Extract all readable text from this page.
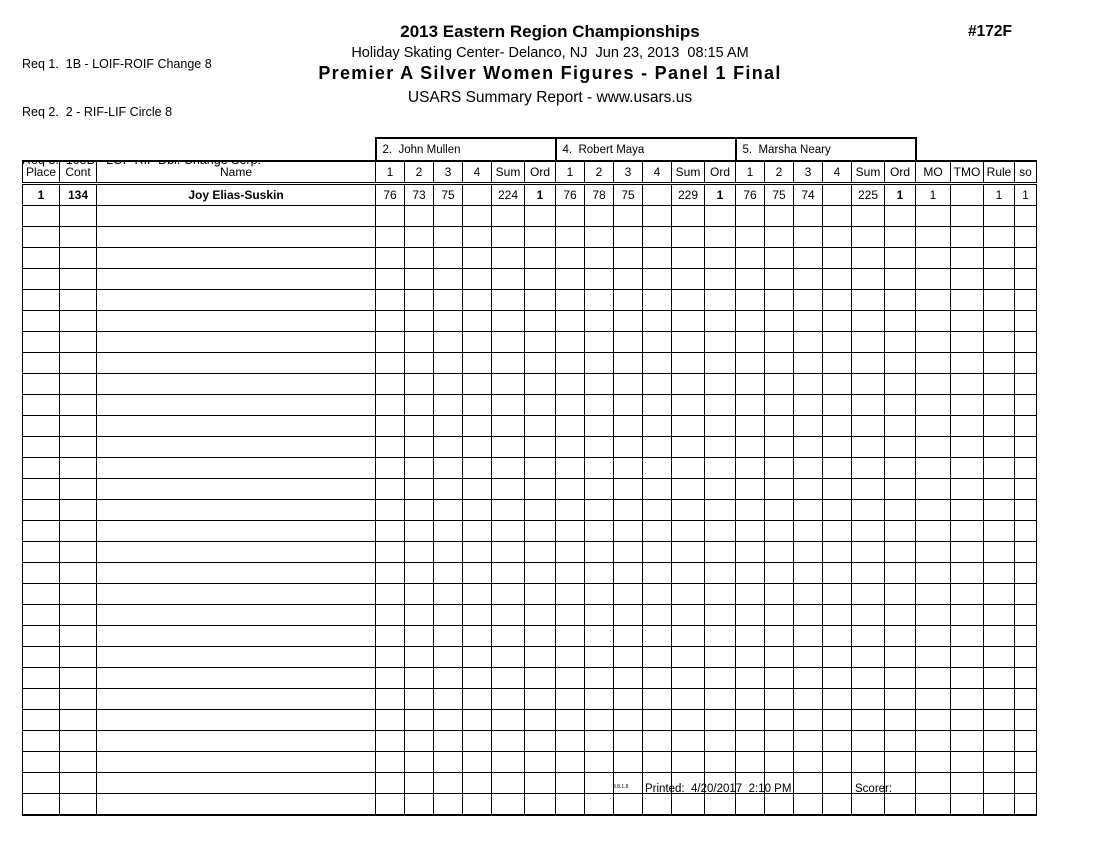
Req 1.  1B - LOIF-ROIF Change 8

Req 2.  2 - RIF-LIF Circle 8

2013 Eastern Region Championships
Holiday Skating Center- Delanco, NJ  Jun 23, 2013  08:15 AM
Premier A Silver Women Figures - Panel 1 Final
USARS Summary Report - www.usars.us
#172F
			2.  John Mullen						4.  Robert Maya						5.  Marsha Neary									
Place	Cont	Name	1	2	3	4	Sum	Ord	1	2	3	4	Sum	Ord	1	2	3	4	Sum	Ord	MO	TMO	Rule	so
1	134	Joy Elias-Suskin	76	73	75		224	1	76	78	75		229	1	76	75	74		225	1	1		1	1

3.8.1.8 Printed: 4/20/2017  2:10 PM	Scorer:
